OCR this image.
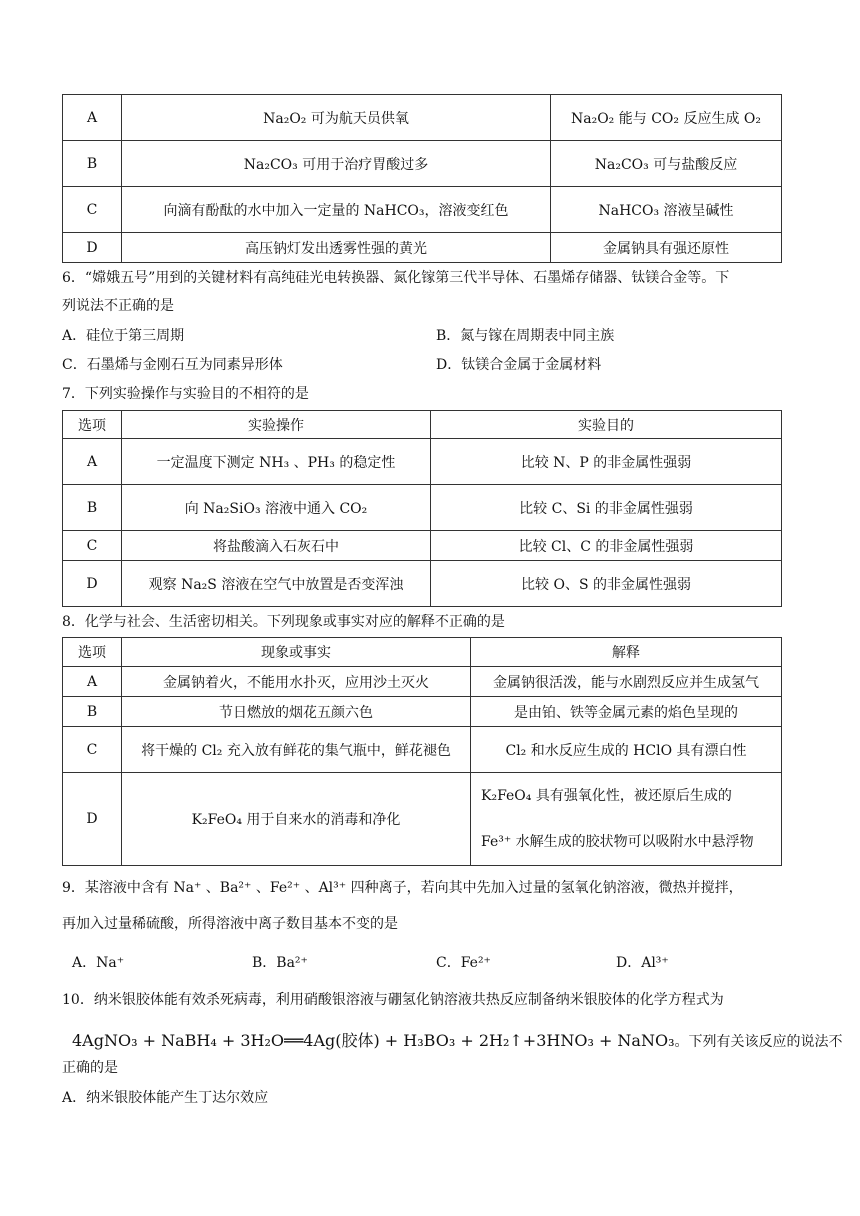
A	Na₂O₂ 可为航天员供氧	Na₂O₂ 能与 CO₂ 反应生成 O₂
B	Na₂CO₃ 可用于治疗胃酸过多	Na₂CO₃ 可与盐酸反应
C	向滴有酚酞的水中加入一定量的 NaHCO₃，溶液变红色	NaHCO₃ 溶液呈碱性
D	高压钠灯发出透雾性强的黄光	金属钠具有强还原性
6．“嫦娥五号”用到的关键材料有高纯硅光电转换器、氮化镓第三代半导体、石墨烯存储器、钛镁合金等。下
列说法不正确的是
A．硅位于第三周期	B．氮与镓在周期表中同主族
C．石墨烯与金刚石互为同素异形体	D．钛镁合金属于金属材料
7．下列实验操作与实验目的不相符的是
选项	实验操作	实验目的
A	一定温度下测定 NH₃ 、PH₃ 的稳定性	比较 N、P 的非金属性强弱
B	向 Na₂SiO₃ 溶液中通入 CO₂	比较 C、Si 的非金属性强弱
C	将盐酸滴入石灰石中	比较 Cl、C 的非金属性强弱
D	观察 Na₂S 溶液在空气中放置是否变浑浊	比较 O、S 的非金属性强弱
8．化学与社会、生活密切相关。下列现象或事实对应的解释不正确的是
选项	现象或事实	解释
A	金属钠着火，不能用水扑灭，应用沙土灭火	金属钠很活泼，能与水剧烈反应并生成氢气
B	节日燃放的烟花五颜六色	是由铂、铁等金属元素的焰色呈现的
C	将干燥的 Cl₂ 充入放有鲜花的集气瓶中，鲜花褪色	Cl₂ 和水反应生成的 HClO 具有漂白性
D	K₂FeO₄ 用于自来水的消毒和净化	K₂FeO₄ 具有强氧化性，被还原后生成的
Fe³⁺ 水解生成的胶状物可以吸附水中悬浮物
9．某溶液中含有 Na⁺ 、Ba²⁺ 、Fe²⁺ 、Al³⁺ 四种离子，若向其中先加入过量的氢氧化钠溶液，微热并搅拌，
再加入过量稀硫酸，所得溶液中离子数目基本不变的是
A．Na⁺	B．Ba²⁺	C．Fe²⁺	D．Al³⁺
10．纳米银胶体能有效杀死病毒，利用硝酸银溶液与硼氢化钠溶液共热反应制备纳米银胶体的化学方程式为
4AgNO₃ + NaBH₄ + 3H₂O══4Ag(胶体) + H₃BO₃ + 2H₂↑+3HNO₃ + NaNO₃。下列有关该反应的说法不
正确的是
A．纳米银胶体能产生丁达尔效应
